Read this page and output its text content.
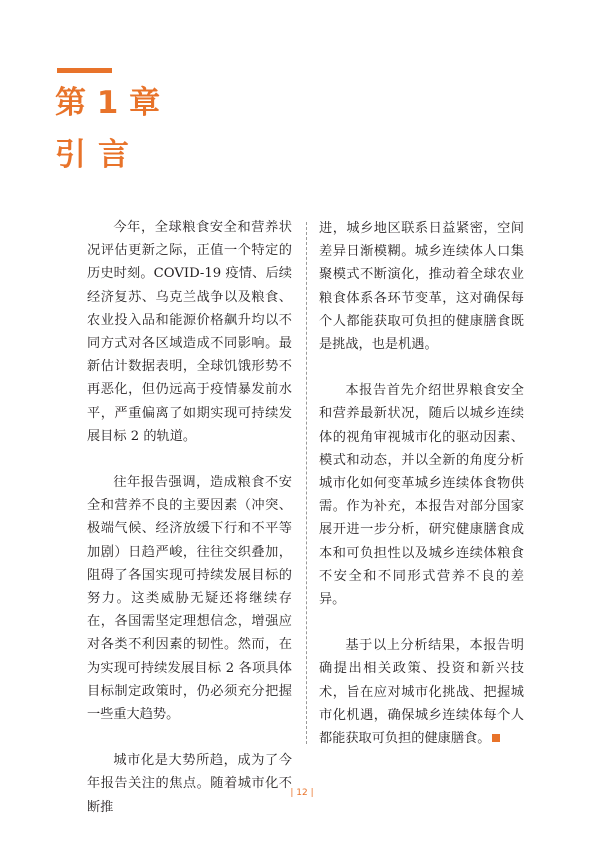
第 1 章
引言

今年，全球粮食安全和营养状况评估更新之际，正值一个特定的历史时刻。COVID-19 疫情、后续经济复苏、乌克兰战争以及粮食、农业投入品和能源价格飙升均以不同方式对各区域造成不同影响。最新估计数据表明，全球饥饿形势不再恶化，但仍远高于疫情暴发前水平，严重偏离了如期实现可持续发展目标 2 的轨道。

往年报告强调，造成粮食不安全和营养不良的主要因素（冲突、极端气候、经济放缓下行和不平等加剧）日趋严峻，往往交织叠加，阻碍了各国实现可持续发展目标的努力。这类威胁无疑还将继续存在，各国需坚定理想信念，增强应对各类不利因素的韧性。然而，在为实现可持续发展目标 2 各项具体目标制定政策时，仍必须充分把握一些重大趋势。

城市化是大势所趋，成为了今年报告关注的焦点。随着城市化不断推

进，城乡地区联系日益紧密，空间差异日渐模糊。城乡连续体人口集聚模式不断演化，推动着全球农业粮食体系各环节变革，这对确保每个人都能获取可负担的健康膳食既是挑战，也是机遇。

本报告首先介绍世界粮食安全和营养最新状况，随后以城乡连续体的视角审视城市化的驱动因素、模式和动态，并以全新的角度分析城市化如何变革城乡连续体食物供需。作为补充，本报告对部分国家展开进一步分析，研究健康膳食成本和可负担性以及城乡连续体粮食不安全和不同形式营养不良的差异。

基于以上分析结果，本报告明确提出相关政策、投资和新兴技术，旨在应对城市化挑战、把握城市化机遇，确保城乡连续体每个人都能获取可负担的健康膳食。

| 12 |
